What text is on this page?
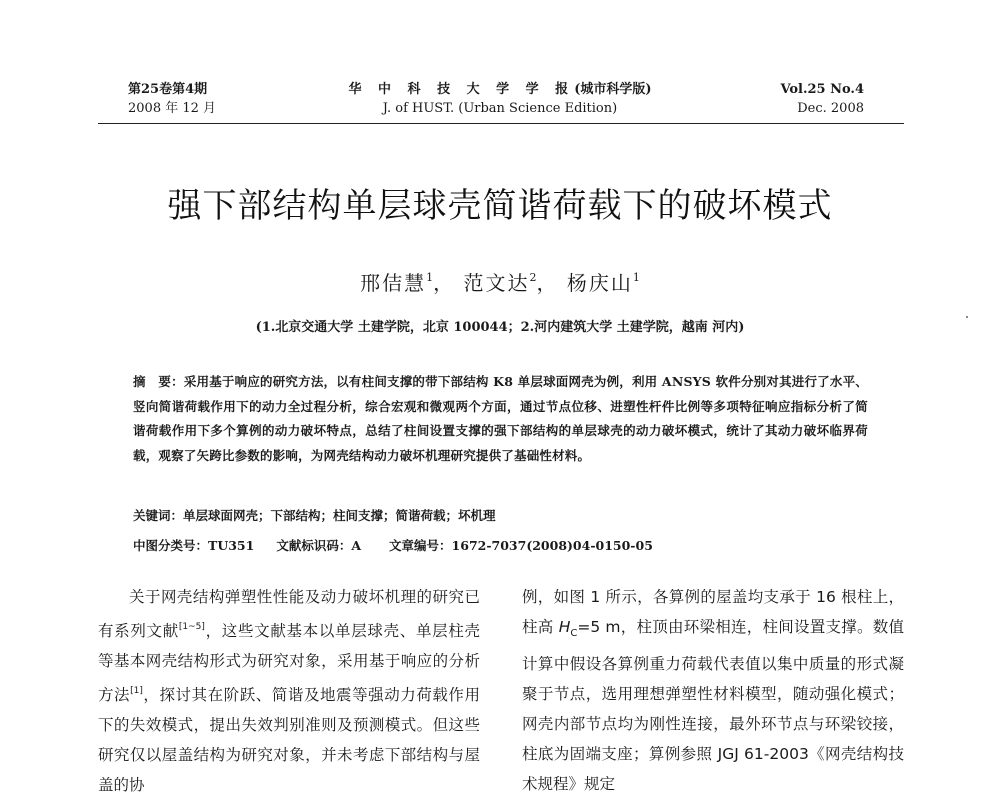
第25卷第4期
2008 年 12 月
华 中 科 技 大 学 学 报(城市科学版)
J. of HUST. (Urban Science Edition)
Vol.25 No.4
Dec. 2008
强下部结构单层球壳简谐荷载下的破坏模式
邢佶慧$^1$， 范文达$^2$， 杨庆山$^1$
(1.北京交通大学 土建学院，北京 100044；2.河内建筑大学 土建学院，越南 河内)
摘　要：采用基于响应的研究方法，以有柱间支撑的带下部结构 K8 单层球面网壳为例，利用 ANSYS 软件分别对其进行了水平、竖向简谐荷载作用下的动力全过程分析，综合宏观和微观两个方面，通过节点位移、进塑性杆件比例等多项特征响应指标分析了简谐荷载作用下多个算例的动力破坏特点，总结了柱间设置支撑的强下部结构的单层球壳的动力破坏模式，统计了其动力破坏临界荷载，观察了矢跨比参数的影响，为网壳结构动力破坏机理研究提供了基础性材料。
关键词：单层球面网壳；下部结构；柱间支撑；简谐荷载；坏机理
中图分类号：TU351 文献标识码：A 文章编号：1672-7037(2008)04-0150-05

关于网壳结构弹塑性性能及动力破坏机理的研究已有系列文献[1~5]，这些文献基本以单层球壳、单层柱壳等基本网壳结构形式为研究对象，采用基于响应的分析方法[1]，探讨其在阶跃、简谐及地震等强动力荷载作用下的失效模式，提出失效判别准则及预测模式。但这些研究仅以屋盖结构为研究对象，并未考虑下部结构与屋盖的协

例，如图 1 所示，各算例的屋盖均支承于 16 根柱上，柱高 $H_C=5$ m，柱顶由环梁相连，柱间设置支撑。数值计算中假设各算例重力荷载代表值以集中质量的形式凝聚于节点，选用理想弹塑性材料模型，随动强化模式；网壳内部节点均为刚性连接，最外环节点与环梁铰接，柱底为固端支座；算例参照 JGJ 61-2003《网壳结构技术规程》规定
